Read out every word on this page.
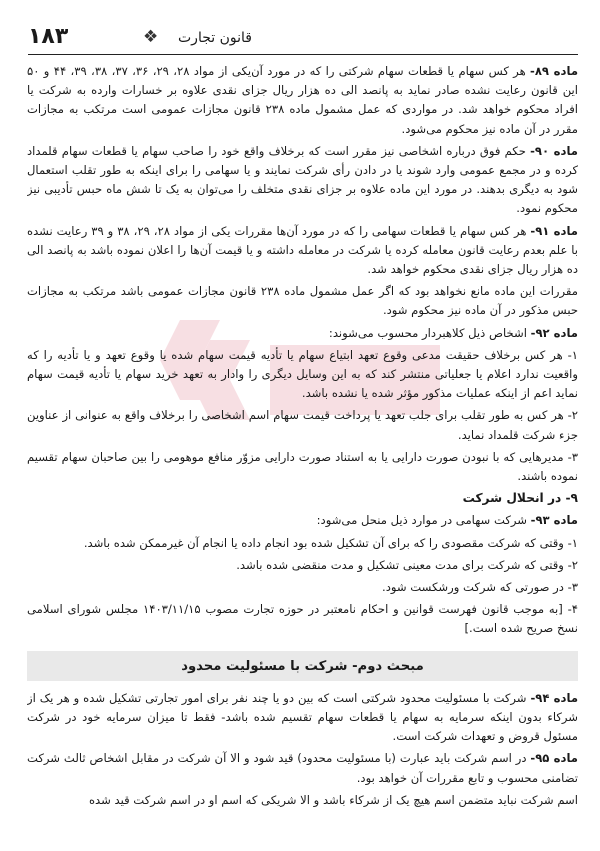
۱۸۳	❖ قانون تجارت

ماده ۸۹- هر کس سهام یا قطعات سهام شرکتی را که در مورد آن‌یکی از مواد ۲۸، ۲۹، ۳۶، ۳۷، ۳۸، ۳۹، ۴۴ و ۵۰ این قانون رعایت نشده صادر نماید به پانصد الی ده هزار ریال جزای نقدی علاوه بر خسارات وارده به شرکت یا افراد محکوم خواهد شد. در مواردی که عمل مشمول ماده ۲۳۸ قانون مجازات عمومی است مرتکب به مجازات مقرر در آن ماده نیز محکوم می‌شود.

ماده ۹۰- حکم فوق درباره اشخاصی نیز مقرر است که برخلاف واقع خود را صاحب سهام یا قطعات سهام قلمداد کرده و در مجمع عمومی وارد شوند یا در دادن رأی شرکت نمایند و یا سهامی را برای اینکه به طور تقلب استعمال شود به دیگری بدهند. در مورد این ماده علاوه بر جزای نقدی متخلف را می‌توان به یک تا شش ماه حبس تأدیبی نیز محکوم نمود.

ماده ۹۱- هر کس سهام یا قطعات سهامی را که در مورد آن‌ها مقررات یکی از مواد ۲۸، ۲۹، ۳۸ و ۳۹ رعایت نشده با علم بعدم رعایت قانون معامله کرده یا شرکت در معامله داشته و یا قیمت آن‌ها را اعلان نموده باشد به پانصد الی ده هزار ریال جزای نقدی محکوم خواهد شد.

مقررات این ماده مانع نخواهد بود که اگر عمل مشمول ماده ۲۳۸ قانون مجازات عمومی باشد مرتکب به مجازات حبس مذکور در آن ماده نیز محکوم شود.

ماده ۹۲- اشخاص ذیل کلاهبردار محسوب می‌شوند:

۱- هر کس برخلاف حقیقت مدعی وقوع تعهد ابتیاع سهام یا تأدیه قیمت سهام شده یا وقوع تعهد و یا تأدیه را که واقعیت ندارد اعلام یا جعلیاتی منتشر کند که به این وسایل دیگری را وادار به تعهد خرید سهام یا تأدیه قیمت سهام نماید اعم از اینکه عملیات مذکور مؤثر شده یا نشده باشد.

۲- هر کس به طور تقلب برای جلب تعهد یا پرداخت قیمت سهام اسم اشخاصی را برخلاف واقع به عنوانی از عناوین جزء شرکت قلمداد نماید.

۳- مدیرهایی که با نبودن صورت دارایی یا به استناد صورت دارایی مزوّر منافع موهومی را بین صاحبان سهام تقسیم نموده باشند.

۹- در انحلال شرکت

ماده ۹۳- شرکت سهامی در موارد ذیل منحل می‌شود:

۱- وقتی که شرکت مقصودی را که برای آن تشکیل شده بود انجام داده یا انجام آن غیرممکن شده باشد.

۲- وقتی که شرکت برای مدت معینی تشکیل و مدت منقضی شده باشد.

۳- در صورتی که شرکت ورشکست شود.

۴- [به موجب قانون فهرست قوانین و احکام نامعتبر در حوزه تجارت مصوب ۱۴۰۳/۱۱/۱۵ مجلس شورای اسلامی نسخ صریح شده است.]

مبحث دوم- شرکت با مسئولیت محدود

ماده ۹۴- شرکت با مسئولیت محدود شرکتی است که بین دو یا چند نفر برای امور تجارتی تشکیل شده و هر یک از شرکاء بدون اینکه سرمایه به سهام یا قطعات سهام تقسیم شده باشد- فقط تا میزان سرمایه خود در شرکت مسئول قروض و تعهدات شرکت است.

ماده ۹۵- در اسم شرکت باید عبارت (با مسئولیت محدود) قید شود و الا آن شرکت در مقابل اشخاص ثالث شرکت تضامنی محسوب و تابع مقررات آن خواهد بود.

اسم شرکت نباید متضمن اسم هیچ یک از شرکاء باشد و الا شریکی که اسم او در اسم شرکت قید شده
